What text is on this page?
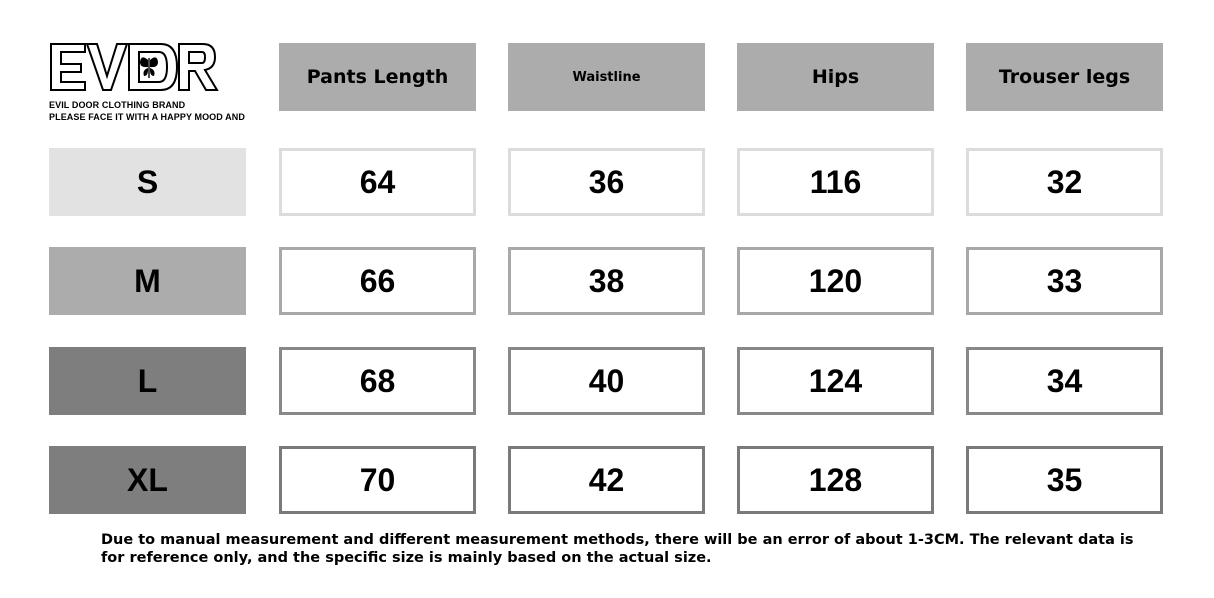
EVIL DOOR CLOTHING BRAND
PLEASE FACE IT WITH A HAPPY MOOD AND
Pants Length	Waistline	Hips	Trouser legs
S	64	36	116	32
M	66	38	120	33
L	68	40	124	34
XL	70	42	128	35
Due to manual measurement and different measurement methods, there will be an error of about 1-3CM. The relevant data is for reference only, and the specific size is mainly based on the actual size.
